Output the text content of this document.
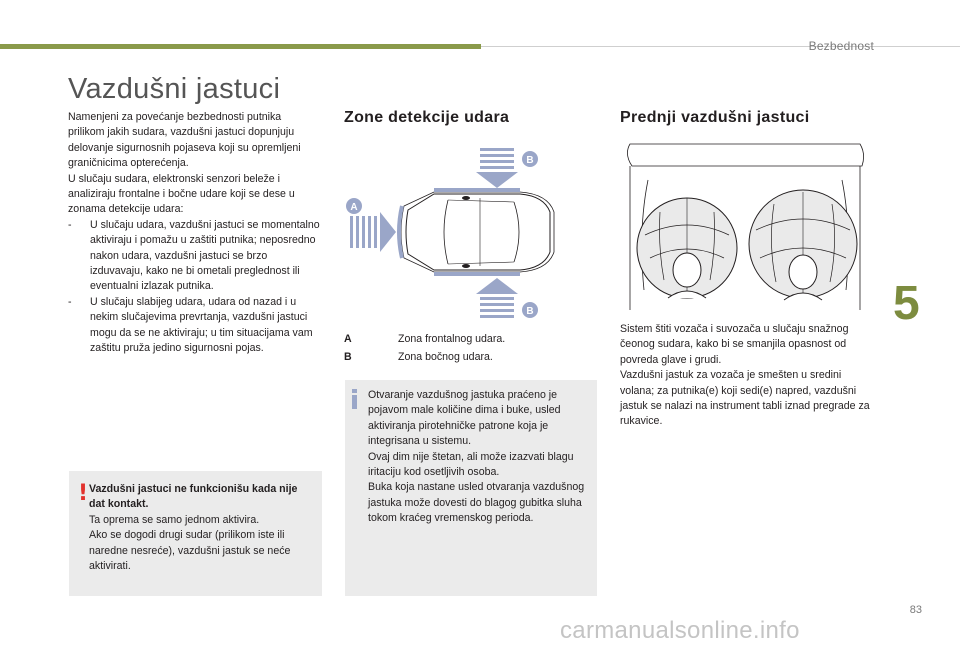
Bezbednost
5
83
carmanualsonline.info
Vazdušni jastuci

Namenjeni za povećanje bezbednosti putnika prilikom jakih sudara, vazdušni jastuci dopunjuju delovanje sigurnosnih pojaseva koji su opremljeni graničnicima opterećenja.

U slučaju sudara, elektronski senzori beleže i analiziraju frontalne i bočne udare koji se dese u zonama detekcije udara:

-	U slučaju udara, vazdušni jastuci se momentalno aktiviraju i pomažu u zaštiti putnika; neposredno nakon udara, vazdušni jastuci se brzo izduvavaju, kako ne bi ometali preglednost ili eventualni izlazak putnika.
-	U slučaju slabijeg udara, udara od nazad i u nekim slučajevima prevrtanja, vazdušni jastuci mogu da se ne aktiviraju; u tim situacijama vam zaštitu pruža jedino sigurnosni pojas.
! Vazdušni jastuci ne funkcionišu kada nije dat kontakt.
Ta oprema se samo jednom aktivira.
Ako se dogodi drugi sudar (prilikom iste ili naredne nesreće), vazdušni jastuk se neće aktivirati.
Zone detekcije udara
B
A
B
A	Zona frontalnog udara.
B	Zona bočnog udara.

Otvaranje vazdušnog jastuka praćeno je pojavom male količine dima i buke, usled aktiviranja pirotehničke patrone koja je integrisana u sistemu.

Ovaj dim nije štetan, ali može izazvati blagu iritaciju kod osetljivih osoba.

Buka koja nastane usled otvaranja vazdušnog jastuka može dovesti do blagog gubitka sluha tokom kraćeg vremenskog perioda.

Prednji vazdušni jastuci

Sistem štiti vozača i suvozača u slučaju snažnog čeonog sudara, kako bi se smanjila opasnost od povreda glave i grudi.

Vazdušni jastuk za vozača je smešten u sredini volana; za putnika(e) koji sedi(e) napred, vazdušni jastuk se nalazi na instrument tabli iznad pregrade za rukavice.
